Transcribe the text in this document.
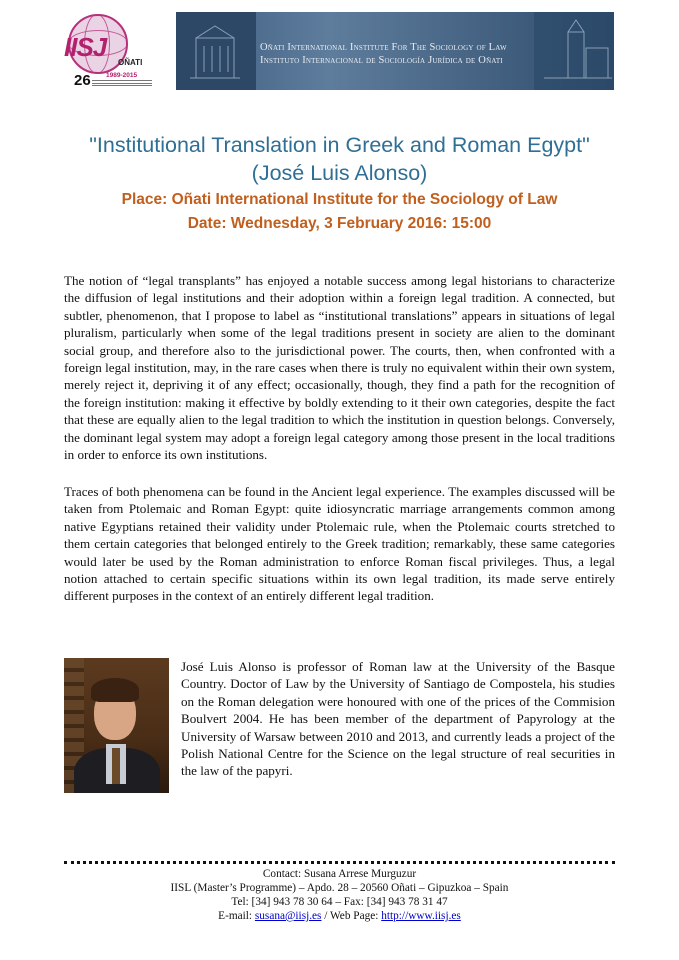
IISJ
OÑATI
26 1989-2015
Oñati International Institute For The Sociology of Law
Instituto Internacional de Sociología Jurídica de Oñati
"Institutional Translation in Greek and Roman Egypt"
(José Luis Alonso)
Place: Oñati International Institute for the Sociology of Law
Date: Wednesday, 3 February 2016: 15:00
The notion of “legal transplants” has enjoyed a notable success among legal historians to characterize the diffusion of legal institutions and their adoption within a foreign legal tradition. A connected, but subtler, phenomenon, that I propose to label as “institutional translations” appears in situations of legal pluralism, particularly when some of the legal traditions present in society are alien to the dominant social group, and therefore also to the jurisdictional power. The courts, then, when confronted with a foreign legal institution, may, in the rare cases when there is truly no equivalent within their own system, merely reject it, depriving it of any effect; occasionally, though, they find a path for the recognition of the foreign institution: making it effective by boldly extending to it their own categories, despite the fact that these are equally alien to the legal tradition to which the institution in question belongs. Conversely, the dominant legal system may adopt a foreign legal category among those present in the local traditions in order to enforce its own institutions.
Traces of both phenomena can be found in the Ancient legal experience. The examples discussed will be taken from Ptolemaic and Roman Egypt: quite idiosyncratic marriage arrangements common among native Egyptians retained their validity under Ptolemaic rule, when the Ptolemaic courts stretched to them certain categories that belonged entirely to the Greek tradition; remarkably, these same categories would later be used by the Roman administration to enforce Roman fiscal privileges. Thus, a legal notion attached to certain specific situations within its own legal tradition, its made serve entirely different purposes in the context of an entirely different legal tradition.
José Luis Alonso is professor of Roman law at the University of the Basque Country. Doctor of Law by the University of Santiago de Compostela, his studies on the Roman delegation were honoured with one of the prices of the Commision Boulvert 2004. He has been member of the department of Papyrology at the University of Warsaw between 2010 and 2013, and currently leads a project of the Polish National Centre for the Science on the legal structure of real securities in the law of the papyri.
Contact: Susana Arrese Murguzur
IISL (Master’s Programme) – Apdo. 28 – 20560 Oñati – Gipuzkoa – Spain
Tel: [34] 943 78 30 64 – Fax: [34] 943 78 31 47
E-mail: susana@iisj.es / Web Page: http://www.iisj.es
